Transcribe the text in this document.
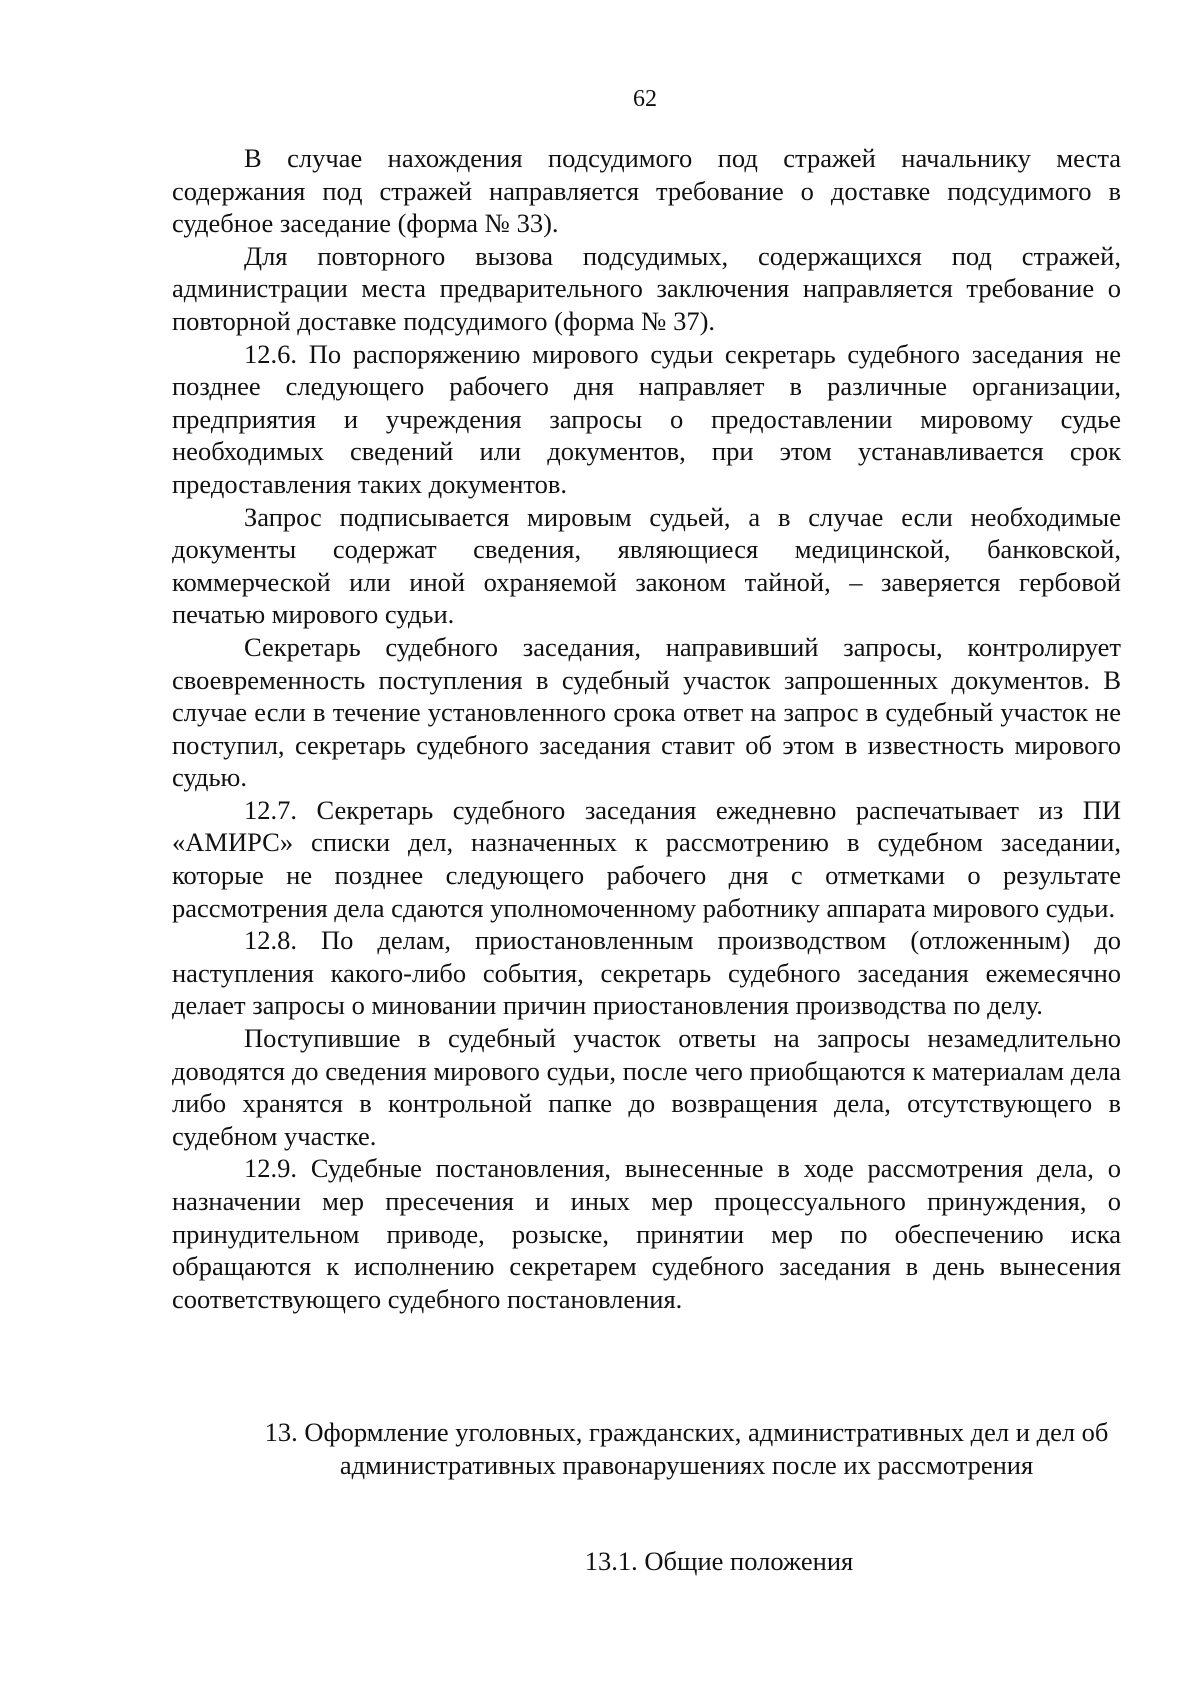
62

В случае нахождения подсудимого под стражей начальнику места содержания под стражей направляется требование о доставке подсудимого в судебное заседание (форма № 33).

Для повторного вызова подсудимых, содержащихся под стражей, администрации места предварительного заключения направляется требование о повторной доставке подсудимого (форма № 37).

12.6. По распоряжению мирового судьи секретарь судебного заседания не позднее следующего рабочего дня направляет в различные организации, предприятия и учреждения запросы о предоставлении мировому судье необходимых сведений или документов, при этом устанавливается срок предоставления таких документов.

Запрос подписывается мировым судьей, а в случае если необходимые документы содержат сведения, являющиеся медицинской, банковской, коммерческой или иной охраняемой законом тайной, – заверяется гербовой печатью мирового судьи.

Секретарь судебного заседания, направивший запросы, контролирует своевременность поступления в судебный участок запрошенных документов. В случае если в течение установленного срока ответ на запрос в судебный участок не поступил, секретарь судебного заседания ставит об этом в известность мирового судью.

12.7. Секретарь судебного заседания ежедневно распечатывает из ПИ «АМИРС» списки дел, назначенных к рассмотрению в судебном заседании, которые не позднее следующего рабочего дня с отметками о результате рассмотрения дела сдаются уполномоченному работнику аппарата мирового судьи.

12.8. По делам, приостановленным производством (отложенным) до наступления какого-либо события, секретарь судебного заседания ежемесячно делает запросы о миновании причин приостановления производства по делу.

Поступившие в судебный участок ответы на запросы незамедлительно доводятся до сведения мирового судьи, после чего приобщаются к материалам дела либо хранятся в контрольной папке до возвращения дела, отсутствующего в судебном участке.

12.9. Судебные постановления, вынесенные в ходе рассмотрения дела, о назначении мер пресечения и иных мер процессуального принуждения, о принудительном приводе, розыске, принятии мер по обеспечению иска обращаются к исполнению секретарем судебного заседания в день вынесения соответствующего судебного постановления.

13. Оформление уголовных, гражданских, административных дел и дел об административных правонарушениях после их рассмотрения

13.1. Общие положения
